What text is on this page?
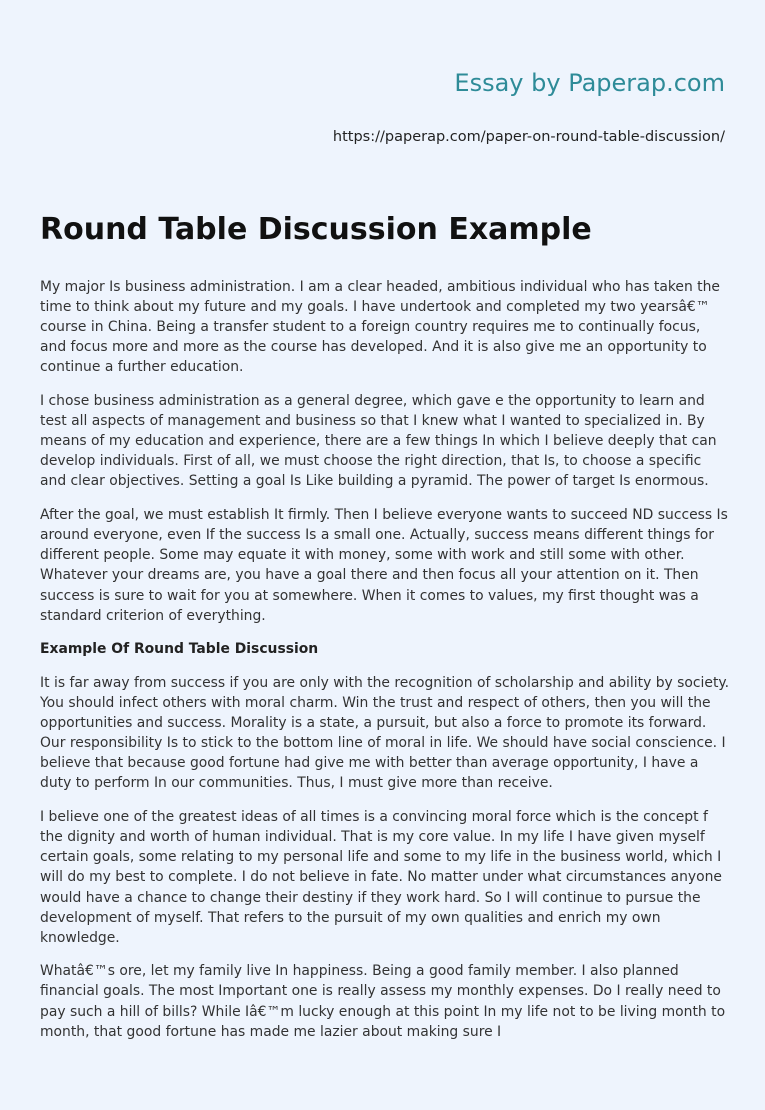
Essay by Paperap.com
https://paperap.com/paper-on-round-table-discussion/
Round Table Discussion Example

My major Is business administration. I am a clear headed, ambitious individual who has taken the time to think about my future and my goals. I have undertook and completed my two yearsâ€™ course in China. Being a transfer student to a foreign country requires me to continually focus, and focus more and more as the course has developed. And it is also give me an opportunity to continue a further education.

I chose business administration as a general degree, which gave e the opportunity to learn and test all aspects of management and business so that I knew what I wanted to specialized in. By means of my education and experience, there are a few things In which I believe deeply that can develop individuals. First of all, we must choose the right direction, that Is, to choose a specific and clear objectives. Setting a goal Is Like building a pyramid. The power of target Is enormous.

After the goal, we must establish It firmly. Then I believe everyone wants to succeed ND success Is around everyone, even If the success Is a small one. Actually, success means different things for different people. Some may equate it with money, some with work and still some with other. Whatever your dreams are, you have a goal there and then focus all your attention on it. Then success is sure to wait for you at somewhere. When it comes to values, my first thought was a standard criterion of everything.

Example Of Round Table Discussion

It is far away from success if you are only with the recognition of scholarship and ability by society. You should infect others with moral charm. Win the trust and respect of others, then you will the opportunities and success. Morality is a state, a pursuit, but also a force to promote its forward. Our responsibility Is to stick to the bottom line of moral in life. We should have social conscience. I believe that because good fortune had give me with better than average opportunity, I have a duty to perform In our communities. Thus, I must give more than receive.

I believe one of the greatest ideas of all times is a convincing moral force which is the concept f the dignity and worth of human individual. That is my core value. In my life I have given myself certain goals, some relating to my personal life and some to my life in the business world, which I will do my best to complete. I do not believe in fate. No matter under what circumstances anyone would have a chance to change their destiny if they work hard. So I will continue to pursue the development of myself. That refers to the pursuit of my own qualities and enrich my own knowledge.

Whatâ€™s ore, let my family live In happiness. Being a good family member. I also planned financial goals. The most Important one is really assess my monthly expenses. Do I really need to pay such a hill of bills? While Iâ€™m lucky enough at this point In my life not to be living month to month, that good fortune has made me lazier about making sure I
